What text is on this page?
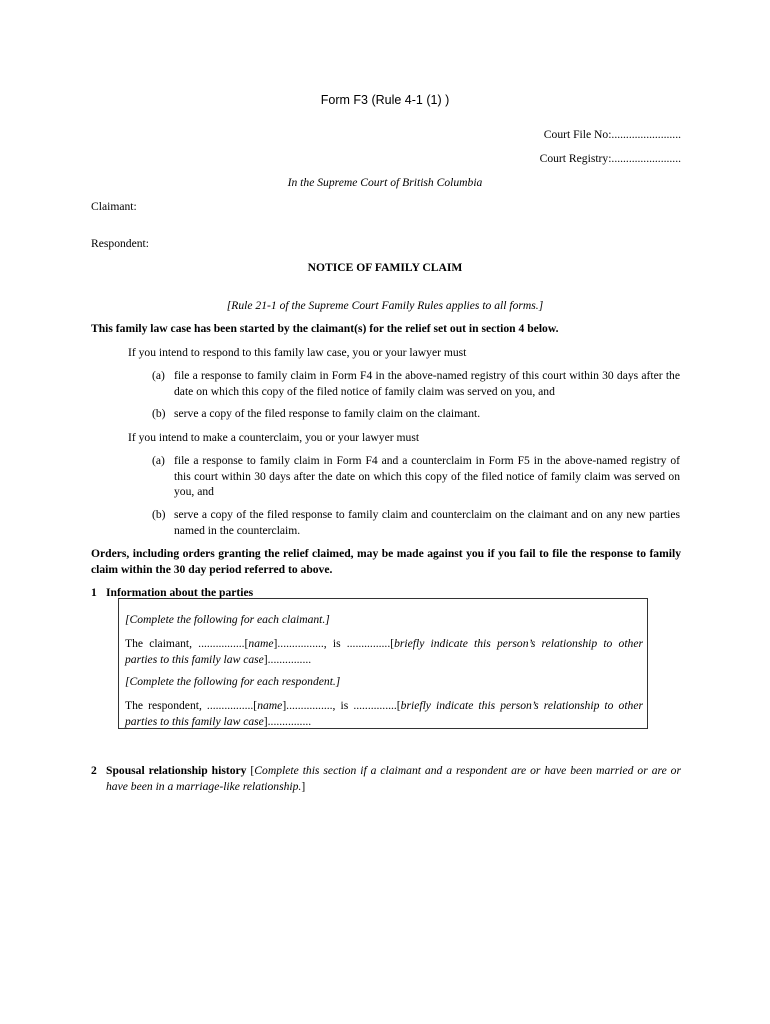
Form F3 (Rule 4-1 (1) )
Court File No:........................
Court Registry:........................
In the Supreme Court of British Columbia
Claimant:
Respondent:
NOTICE OF FAMILY CLAIM
[Rule 21-1 of the Supreme Court Family Rules applies to all forms.]
This family law case has been started by the claimant(s) for the relief set out in section 4 below.
If you intend to respond to this family law case, you or your lawyer must
(a) file a response to family claim in Form F4 in the above-named registry of this court within 30 days after the date on which this copy of the filed notice of family claim was served on you, and
(b) serve a copy of the filed response to family claim on the claimant.
If you intend to make a counterclaim, you or your lawyer must
(a) file a response to family claim in Form F4 and a counterclaim in Form F5 in the above-named registry of this court within 30 days after the date on which this copy of the filed notice of family claim was served on you, and
(b) serve a copy of the filed response to family claim and counterclaim on the claimant and on any new parties named in the counterclaim.
Orders, including orders granting the relief claimed, may be made against you if you fail to file the response to family claim within the 30 day period referred to above.
1 Information about the parties
[Complete the following for each claimant.]
The claimant, ................[name]................, is ...............[briefly indicate this person’s relationship to other parties to this family law case]...............
[Complete the following for each respondent.]
The respondent, ................[name]................, is ...............[briefly indicate this person’s relationship to other parties to this family law case]...............
2 Spousal relationship history [Complete this section if a claimant and a respondent are or have been married or are or have been in a marriage-like relationship.]
